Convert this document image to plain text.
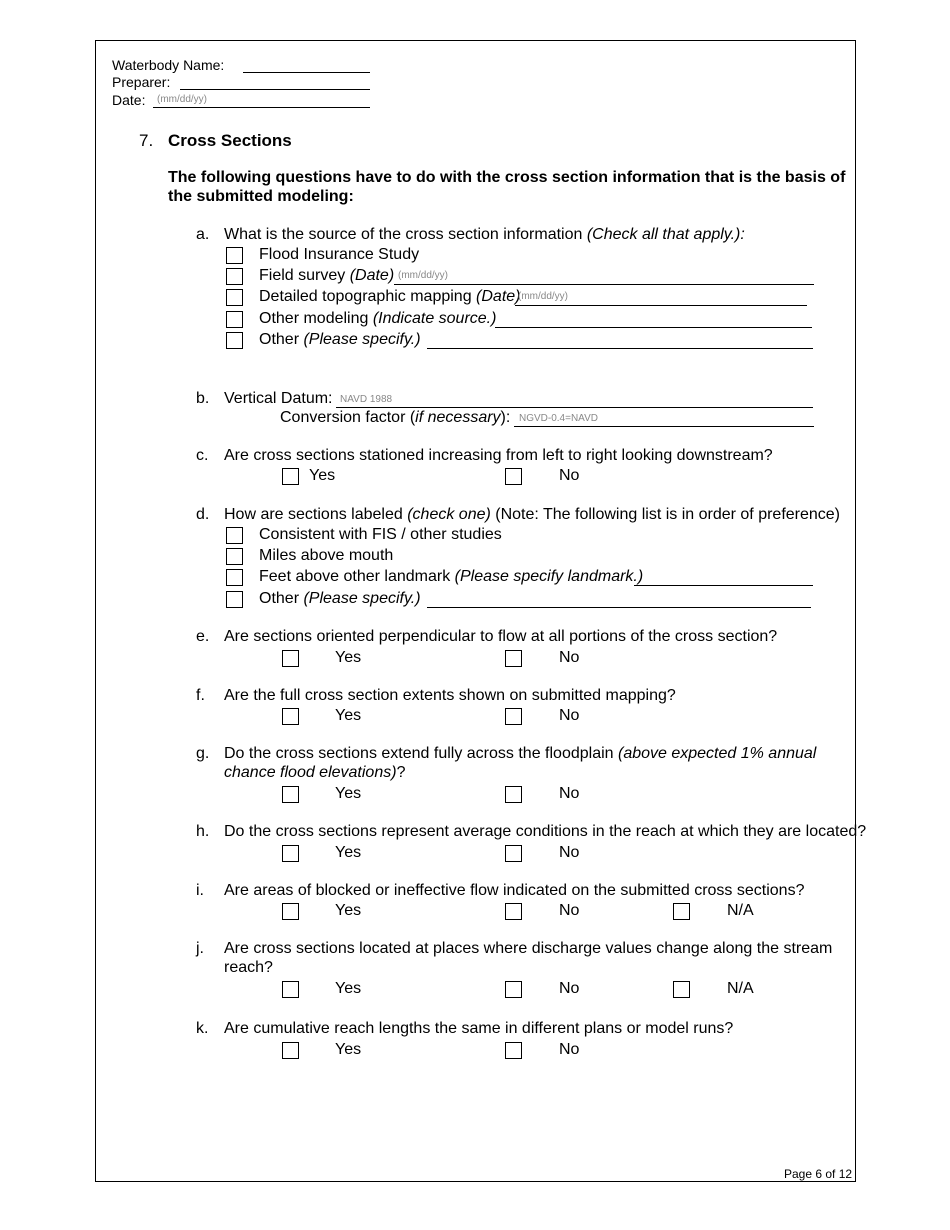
Waterbody Name:
Preparer:
Date: (mm/dd/yy)
7. Cross Sections
The following questions have to do with the cross section information that is the basis of
the submitted modeling:
a. What is the source of the cross section information (Check all that apply.):
Flood Insurance Study
Field survey (Date) (mm/dd/yy)
Detailed topographic mapping (Date)
(mm/dd/yy)
Other modeling (Indicate source.)
Other (Please specify.)
b. Vertical Datum: NAVD 1988
Conversion factor (if necessary): NGVD-0.4=NAVD
c. Are cross sections stationed increasing from left to right looking downstream?
Yes	No
d. How are sections labeled (check one) (Note: The following list is in order of preference)
Consistent with FIS / other studies
Miles above mouth
Feet above other landmark (Please specify landmark.)
Other (Please specify.)
e. Are sections oriented perpendicular to flow at all portions of the cross section?
Yes	No
f. Are the full cross section extents shown on submitted mapping?
Yes	No
g. Do the cross sections extend fully across the floodplain (above expected 1% annual
chance flood elevations)?
Yes	No
h. Do the cross sections represent average conditions in the reach at which they are located?
Yes	No
i. Are areas of blocked or ineffective flow indicated on the submitted cross sections?
Yes	No	N/A
j. Are cross sections located at places where discharge values change along the stream
reach?
Yes	No	N/A
k. Are cumulative reach lengths the same in different plans or model runs?
Yes	No
Page 6 of 12
